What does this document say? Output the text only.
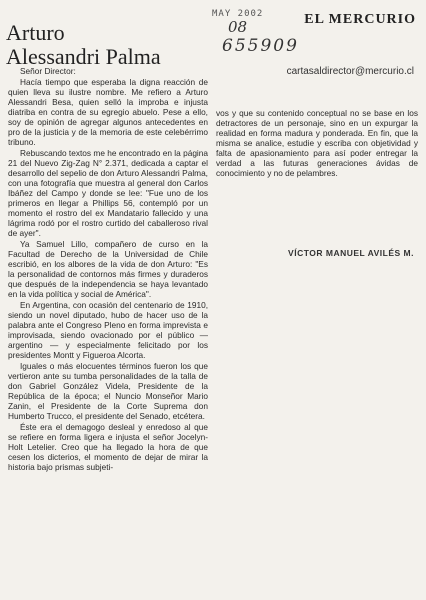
Arturo
Alessandri Palma
MAY 2002
08
655909
EL MERCURIO
cartasaldirector@mercurio.cl

Señor Director:

Hacía tiempo que esperaba la digna reacción de quien lleva su ilustre nombre. Me refiero a Arturo Alessandri Besa, quien selló la improba e injusta diatriba en contra de su egregio abuelo. Pese a ello, soy de opinión de agregar algunos antecedentes en pro de la justicia y de la memoria de este celebérrimo tribuno.

Rebuscando textos me he encontrado en la página 21 del Nuevo Zig-Zag N° 2.371, dedicada a captar el desarrollo del sepelio de don Arturo Alessandri Palma, con una fotografía que muestra al general don Carlos Ibáñez del Campo y donde se lee: "Fue uno de los primeros en llegar a Phillips 56, contempló por un momento el rostro del ex Mandatario fallecido y una lágrima rodó por el rostro curtido del caballeroso rival de ayer".

Ya Samuel Lillo, compañero de curso en la Facultad de Derecho de la Universidad de Chile escribió, en los albores de la vida de don Arturo: "Es la personalidad de contornos más firmes y duraderos que después de la independencia se haya levantado en la vida política y social de América".

En Argentina, con ocasión del centenario de 1910, siendo un novel diputado, hubo de hacer uso de la palabra ante el Congreso Pleno en forma imprevista e improvisada, siendo ovacionado por el público — argentino — y especialmente felicitado por los presidentes Montt y Figueroa Alcorta.

Iguales o más elocuentes términos fueron los que vertieron ante su tumba personalidades de la talla de don Gabriel González Videla, Presidente de la República de la época; el Nuncio Monseñor Mario Zanin, el Presidente de la Corte Suprema don Humberto Trucco, el presidente del Senado, etcétera.

Éste era el demagogo desleal y enredoso al que se refiere en forma ligera e injusta el señor Jocelyn-Holt Letelier. Creo que ha llegado la hora de que cesen los dicterios, el momento de dejar de mirar la historia bajo prismas subjeti-

vos y que su contenido conceptual no se base en los detractores de un personaje, sino en un expurgar la realidad en forma madura y ponderada. En fin, que la misma se analice, estudie y escriba con objetividad y falta de apasionamiento para así poder entregar la verdad a las futuras generaciones ávidas de conocimiento y no de pelambres.

VÍCTOR MANUEL AVILÉS M.
